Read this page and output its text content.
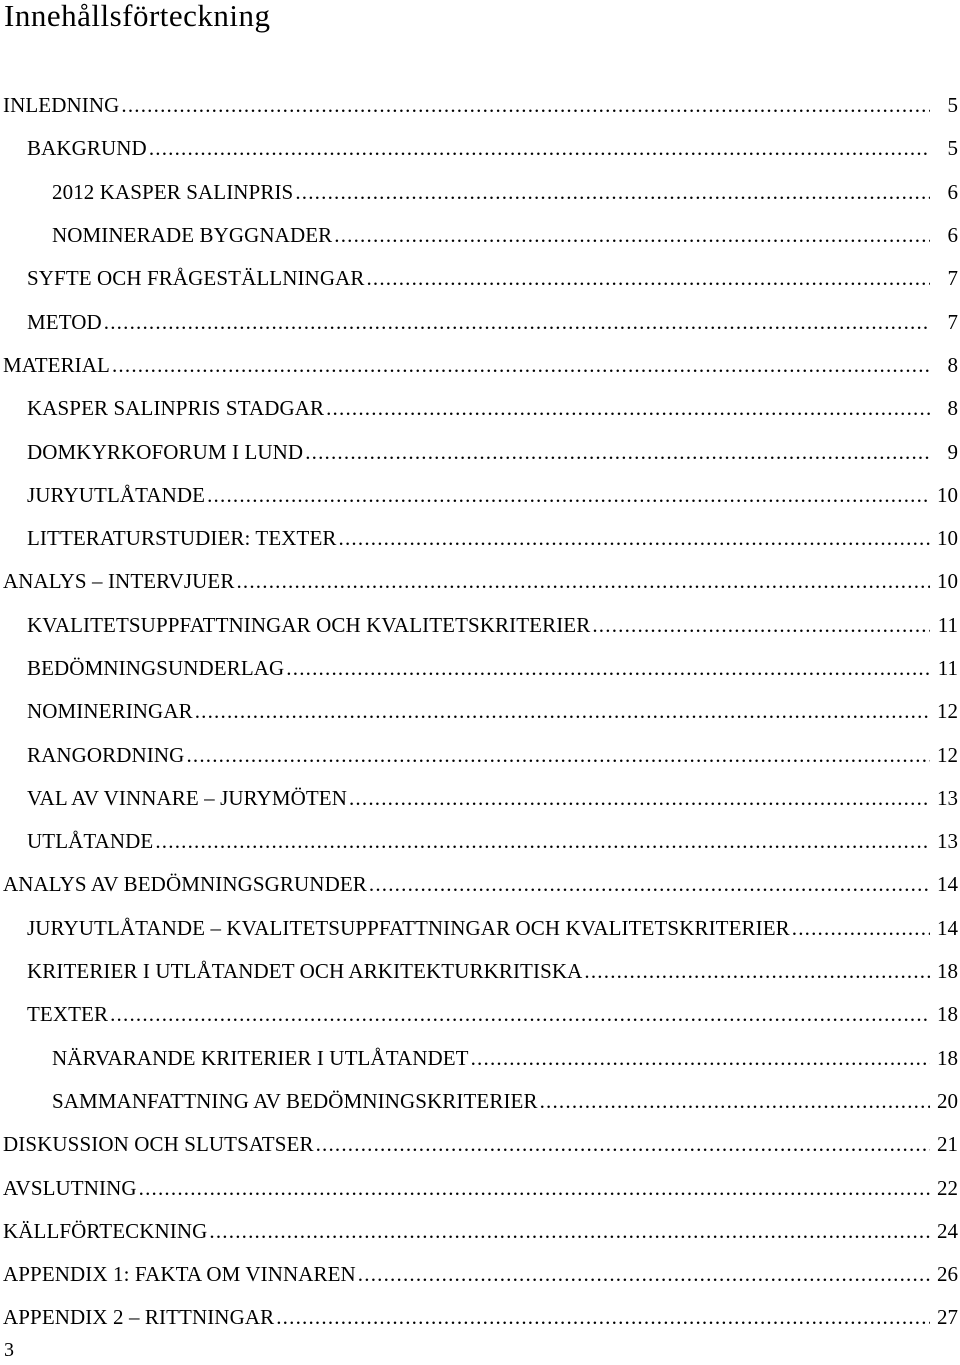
Innehållsförteckning
INLEDNING .....	5
BAKGRUND .....	5
2012 KASPER SALINPRIS .....	6
NOMINERADE BYGGNADER .....	6
SYFTE OCH FRÅGESTÄLLNINGAR .....	7
METOD .....	7
MATERIAL .....	8
KASPER SALINPRIS STADGAR .....	8
DOMKYRKOFORUM I LUND .....	9
JURYUTLÅTANDE .....	10
LITTERATURSTUDIER: TEXTER .....	10
ANALYS – INTERVJUER .....	10
KVALITETSUPPFATTNINGAR OCH KVALITETSKRITERIER .....	11
BEDÖMNINGSUNDERLAG .....	11
NOMINERINGAR .....	12
RANGORDNING .....	12
VAL AV VINNARE – JURYMÖTEN .....	13
UTLÅTANDE .....	13
ANALYS AV BEDÖMNINGSGRUNDER .....	14
JURYUTLÅTANDE – KVALITETSUPPFATTNINGAR OCH KVALITETSKRITERIER .....	14
KRITERIER I UTLÅTANDET OCH ARKITEKTURKRITISKA .....	18
TEXTER .....	18
NÄRVARANDE KRITERIER I UTLÅTANDET .....	18
SAMMANFATTNING AV BEDÖMNINGSKRITERIER .....	20
DISKUSSION OCH SLUTSATSER .....	21
AVSLUTNING .....	22
KÄLLFÖRTECKNING .....	24
APPENDIX 1: FAKTA OM VINNAREN .....	26
APPENDIX 2 – RITTNINGAR .....	27
3
